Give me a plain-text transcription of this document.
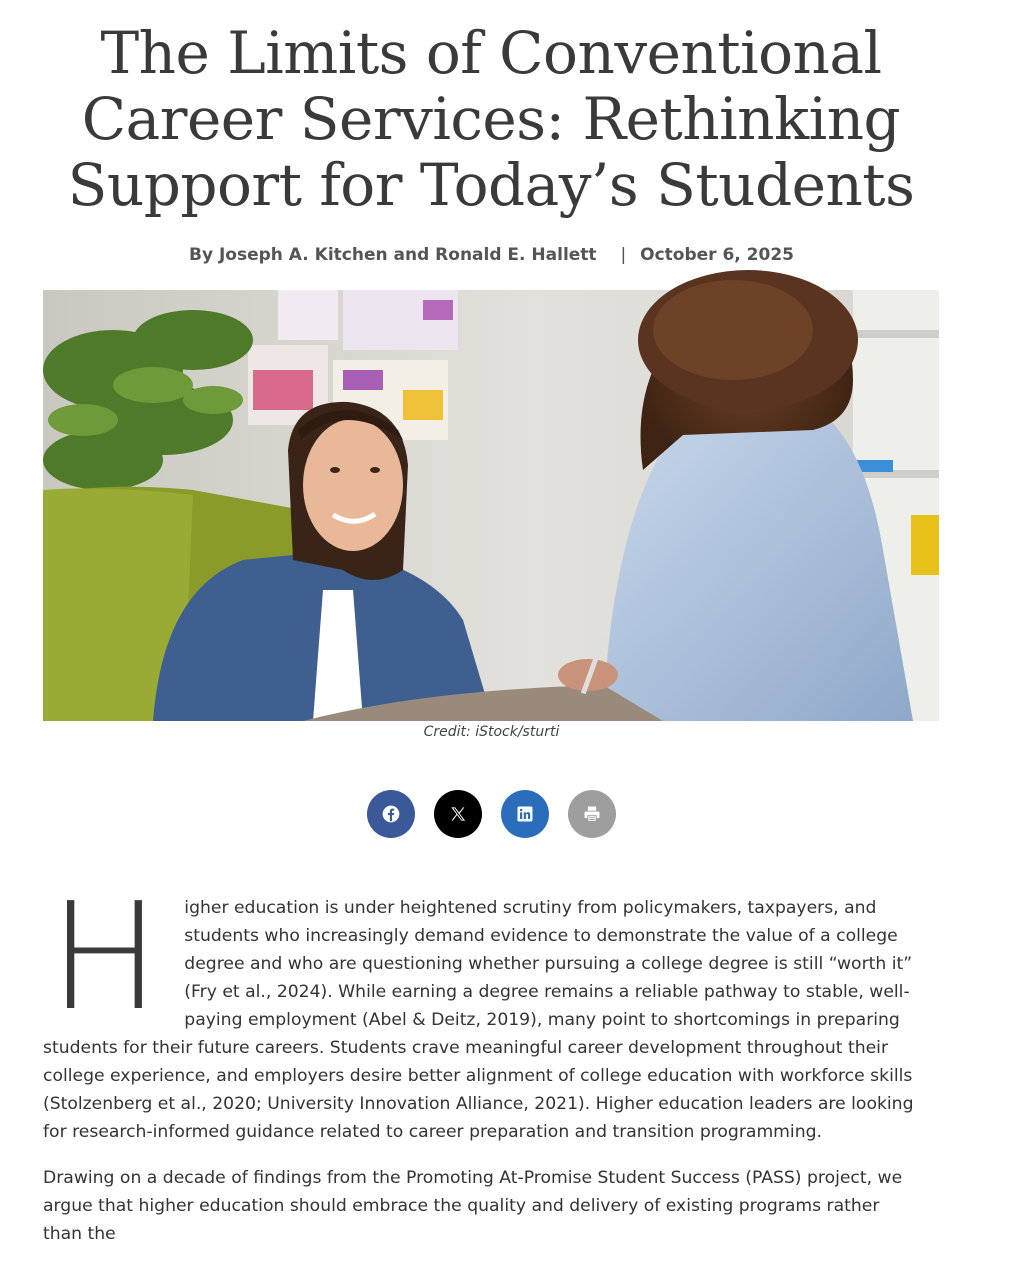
The Limits of Conventional Career Services: Rethinking Support for Today’s Students
By Joseph A. Kitchen and Ronald E. Hallett | October 6, 2025
Credit: iStock/sturti
H	igher education is under heightened scrutiny from policymakers, taxpayers, and students who increasingly demand evidence to demonstrate the value of a college degree and who are questioning whether pursuing a college degree is still “worth it” (Fry et al., 2024). While earning a degree remains a reliable pathway to stable, well-paying employment (Abel & Deitz, 2019), many point to shortcomings in preparing students for their future careers. Students crave meaningful career development throughout their college experience, and employers desire better alignment of college education with workforce skills (Stolzenberg et al., 2020; University Innovation Alliance, 2021). Higher education leaders are looking for research-informed guidance related to career preparation and transition programming.

Drawing on a decade of findings from the Promoting At-Promise Student Success (PASS) project, we argue that higher education should embrace the quality and delivery of existing programs rather than the
